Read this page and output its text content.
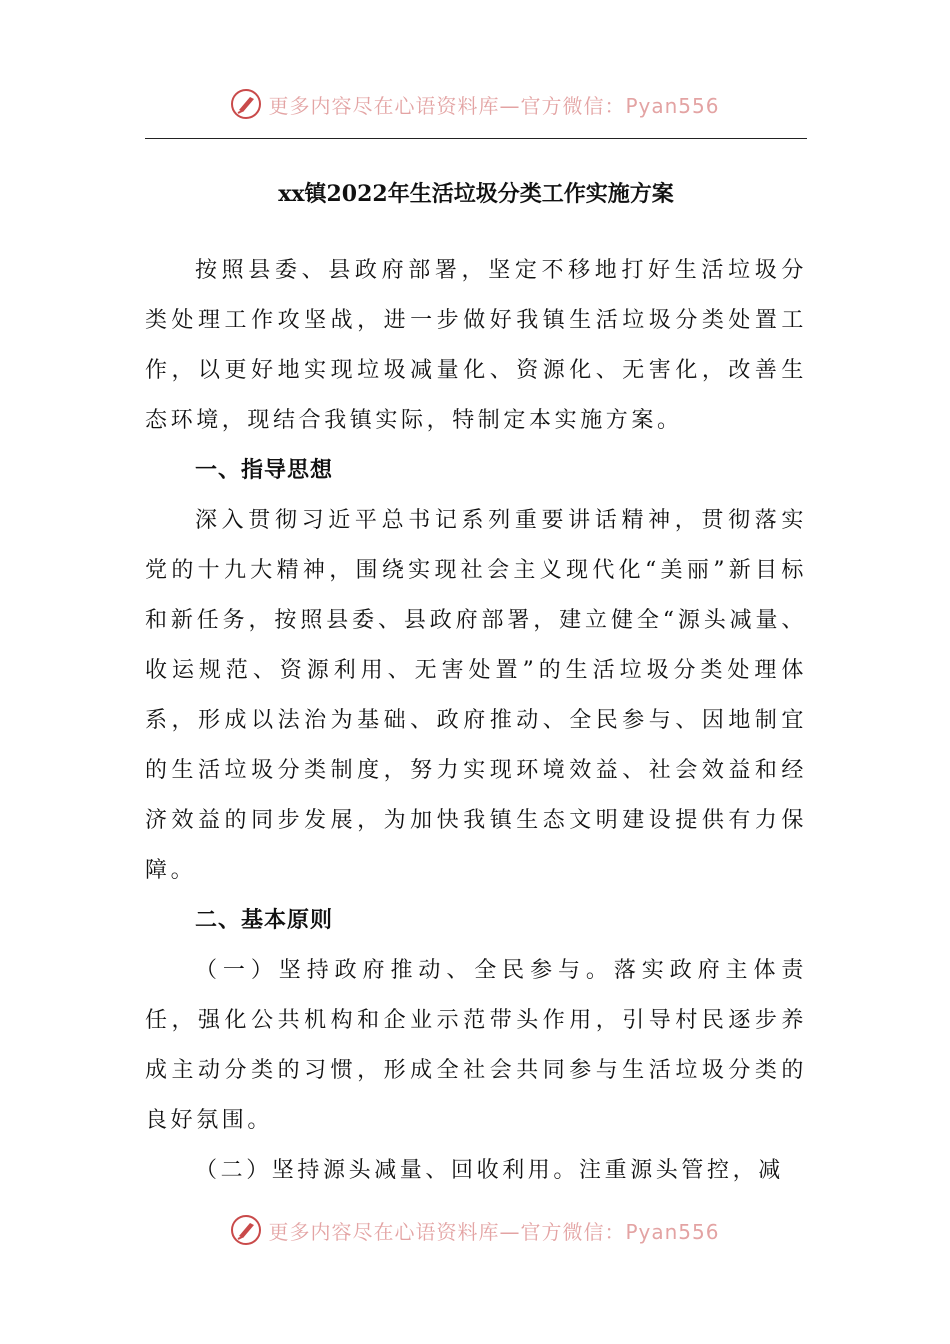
更多内容尽在心语资料库—官方微信：Pyan556
xx镇2022年生活垃圾分类工作实施方案

按照县委、县政府部署，坚定不移地打好生活垃圾分类处理工作攻坚战，进一步做好我镇生活垃圾分类处置工作，以更好地实现垃圾减量化、资源化、无害化，改善生态环境，现结合我镇实际，特制定本实施方案。

一、指导思想

深入贯彻习近平总书记系列重要讲话精神，贯彻落实党的十九大精神，围绕实现社会主义现代化“美丽”新目标和新任务，按照县委、县政府部署，建立健全“源头减量、收运规范、资源利用、无害处置”的生活垃圾分类处理体系，形成以法治为基础、政府推动、全民参与、因地制宜的生活垃圾分类制度，努力实现环境效益、社会效益和经济效益的同步发展，为加快我镇生态文明建设提供有力保障。

二、基本原则

（一）坚持政府推动、全民参与。落实政府主体责任，强化公共机构和企业示范带头作用，引导村民逐步养成主动分类的习惯，形成全社会共同参与生活垃圾分类的良好氛围。

（二）坚持源头减量、回收利用。注重源头管控，减

更多内容尽在心语资料库—官方微信：Pyan556
